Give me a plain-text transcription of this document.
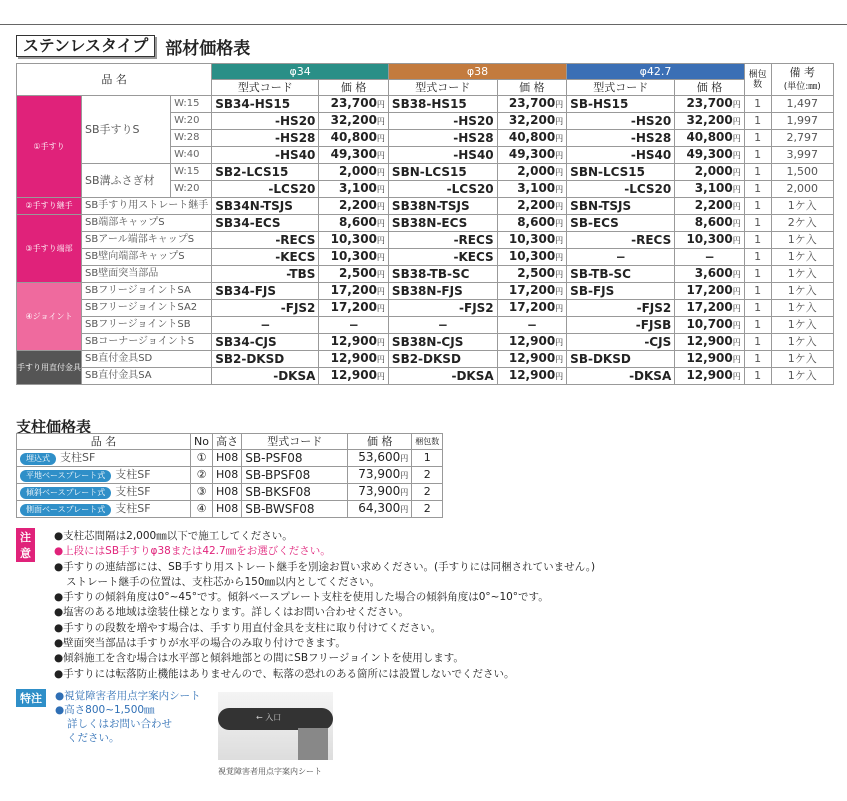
ステンレスタイプ	部材価格表
品 名			φ34		φ38		φ42.7		梱包数	備 考
(単位:㎜)
			型式コード	価 格	型式コード	価 格	型式コード	価 格		
①手すり	SB手すりS	W:15	SB34-HS15	23,700円	SB38-HS15	23,700円	SB-HS15	23,700円	1	1,497
		W:20	-HS20	32,200円	-HS20	32,200円	-HS20	32,200円	1	1,997
		W:28	-HS28	40,800円	-HS28	40,800円	-HS28	40,800円	1	2,797
		W:40	-HS40	49,300円	-HS40	49,300円	-HS40	49,300円	1	3,997
	SB溝ふさぎ材	W:15	SB2-LCS15	2,000円	SBN-LCS15	2,000円	SBN-LCS15	2,000円	1	1,500
		W:20	-LCS20	3,100円	-LCS20	3,100円	-LCS20	3,100円	1	2,000
②手すり継手	SB手すり用ストレート継手		SB34N-TSJS	2,200円	SB38N-TSJS	2,200円	SBN-TSJS	2,200円	1	1ケ入
③手すり端部	SB端部キャップS		SB34-ECS	8,600円	SB38N-ECS	8,600円	SB-ECS	8,600円	1	2ケ入
	SBアール端部キャップS		-RECS	10,300円	-RECS	10,300円	-RECS	10,300円	1	1ケ入
	SB壁向端部キャップS		-KECS	10,300円	-KECS	10,300円	−	−	1	1ケ入
	SB壁面突当部品		-TBS	2,500円	SB38-TB-SC	2,500円	SB-TB-SC	3,600円	1	1ケ入
④ジョイント	SBフリージョイントSA		SB34-FJS	17,200円	SB38N-FJS	17,200円	SB-FJS	17,200円	1	1ケ入
	SBフリージョイントSA2		-FJS2	17,200円	-FJS2	17,200円	-FJS2	17,200円	1	1ケ入
	SBフリージョイントSB		−	−	−	−	-FJSB	10,700円	1	1ケ入
	SBコーナージョイントS		SB34-CJS	12,900円	SB38N-CJS	12,900円	-CJS	12,900円	1	1ケ入
手すり用直付金具	SB直付金具SD		SB2-DKSD	12,900円	SB2-DKSD	12,900円	SB-DKSD	12,900円	1	1ケ入
	SB直付金具SA		-DKSA	12,900円	-DKSA	12,900円	-DKSA	12,900円	1	1ケ入
支柱価格表
品 名	No	高さ	型式コード	価 格	梱包数
埋込式 支柱SF	①	H08	SB-PSF08	53,600円	1
平地ベースプレート式 支柱SF	②	H08	SB-BPSF08	73,900円	2
傾斜ベースプレート式 支柱SF	③	H08	SB-BKSF08	73,900円	2
側面ベースプレート式 支柱SF	④	H08	SB-BWSF08	64,300円	2
注意
●支柱芯間隔は2,000㎜以下で施工してください。
●上段にはSB手すりφ38または42.7㎜をお選びください。
●手すりの連結部には、SB手すり用ストレート継手を別途お買い求めください。(手すりには同梱されていません。)
ストレート継手の位置は、支柱芯から150㎜以内としてください。
●手すりの傾斜角度は0°~45°です。傾斜ベースプレート支柱を使用した場合の傾斜角度は0°~10°です。
●塩害のある地域は塗装仕様となります。詳しくはお問い合わせください。
●手すりの段数を増やす場合は、手すり用直付金具を支柱に取り付けてください。
●壁面突当部品は手すりが水平の場合のみ取り付けできます。
●傾斜施工を含む場合は水平部と傾斜地部との間にSBフリージョイントを使用します。
●手すりには転落防止機能はありませんので、転落の恐れのある箇所には設置しないでください。
特注	●視覚障害者用点字案内シート
●高さ800~1,500㎜
詳しくはお問い合わせ
ください。
← 入口
視覚障害者用点字案内シート
